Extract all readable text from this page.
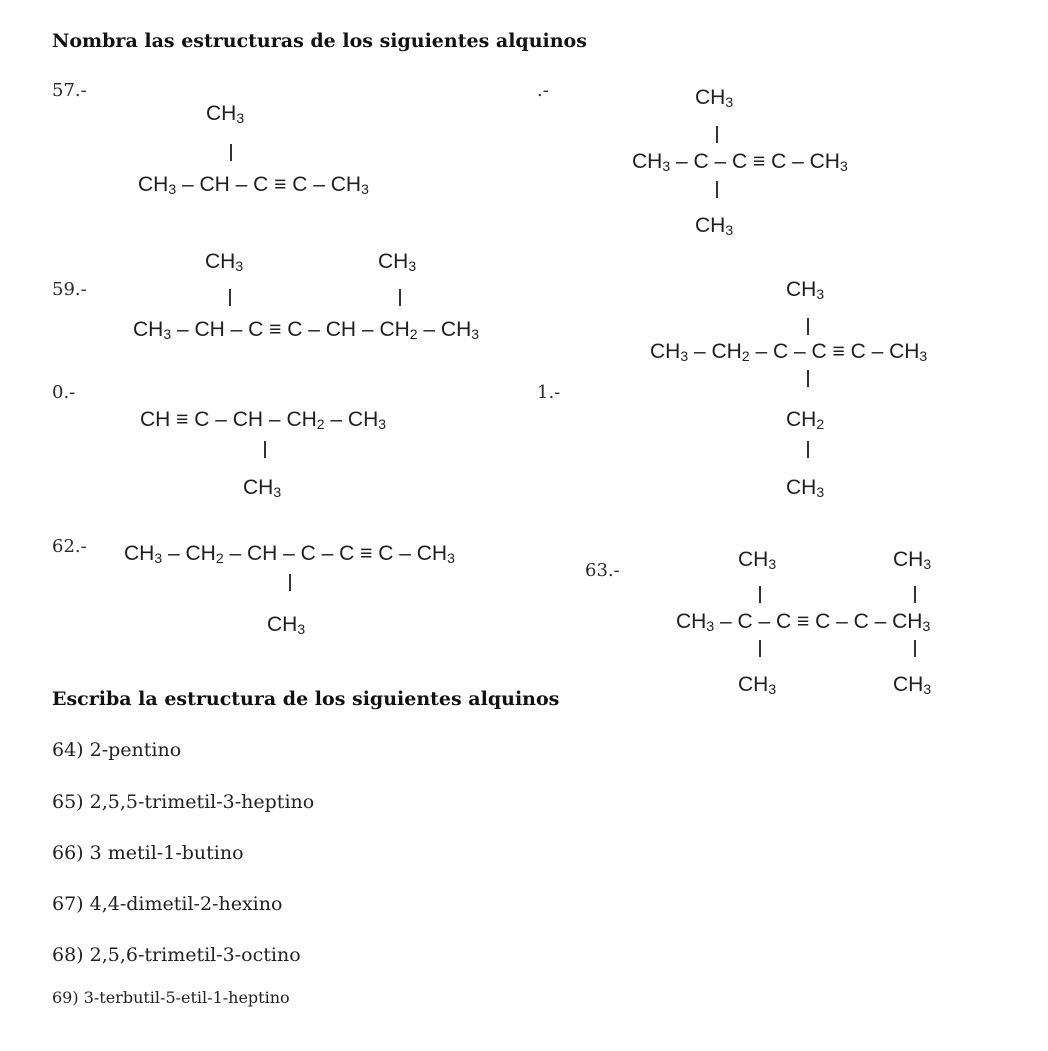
Nombra las estructuras de los siguientes alquinos
57.-
$CH_3$
$CH_3$ – CH – $C \equiv C - CH_3$
.-	$CH_3$
$CH_3 - C - C \equiv C - CH_3$
$CH_3$
59.-
$CH_3$	$CH_3$
$CH_3$ – CH – C ≡ C – CH – $CH_2 - CH_3$
0.-
CH ≡ C – CH – $CH_2 - CH_3$
$CH_3$
1.-
$CH_3$
$CH_3 - CH_2 - C - C \equiv C - CH_3$
$CH_2$
$CH_3$
62.- $CH_3 - CH_2$ – CH – $C - C \equiv C - CH_3$
$CH_3$
63.-	$CH_3$	$CH_3$
$CH_3 - C - C \equiv C - C - CH_3$
$CH_3$	$CH_3$
Escriba la estructura de los siguientes alquinos
64) 2-pentino
65) 2,5,5-trimetil-3-heptino
66) 3 metil-1-butino
67) 4,4-dimetil-2-hexino
68) 2,5,6-trimetil-3-octino
69) 3-terbutil-5-etil-1-heptino
